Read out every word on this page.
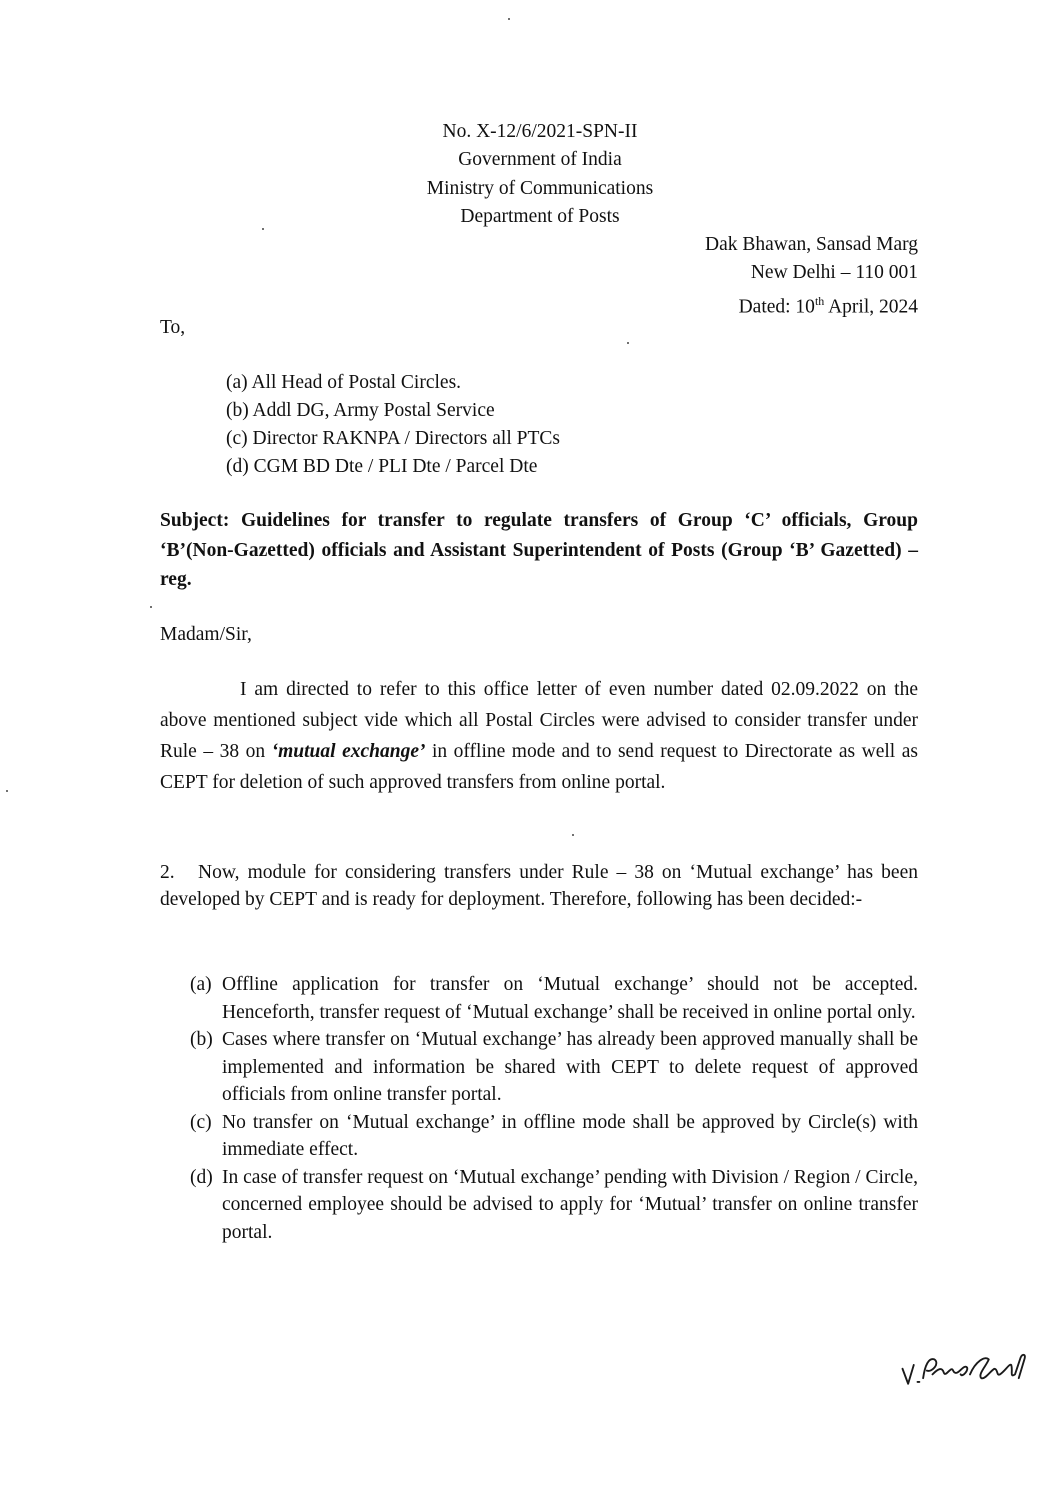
No. X-12/6/2021-SPN-II
Government of India
Ministry of Communications
Department of Posts
Dak Bhawan, Sansad Marg
New Delhi – 110 001
Dated: 10th April, 2024
To,
(a) All Head of Postal Circles.
(b) Addl DG, Army Postal Service
(c) Director RAKNPA / Directors all PTCs
(d) CGM BD Dte / PLI Dte / Parcel Dte
Subject: Guidelines for transfer to regulate transfers of Group ‘C’ officials, Group ‘B’(Non-Gazetted) officials and Assistant Superintendent of Posts (Group ‘B’ Gazetted) – reg.
Madam/Sir,
I am directed to refer to this office letter of even number dated 02.09.2022 on the above mentioned subject vide which all Postal Circles were advised to consider transfer under Rule – 38 on ‘mutual exchange’ in offline mode and to send request to Directorate as well as CEPT for deletion of such approved transfers from online portal.
2. Now, module for considering transfers under Rule – 38 on ‘Mutual exchange’ has been developed by CEPT and is ready for deployment. Therefore, following has been decided:-
(a) Offline application for transfer on ‘Mutual exchange’ should not be accepted. Henceforth, transfer request of ‘Mutual exchange’ shall be received in online portal only.
(b) Cases where transfer on ‘Mutual exchange’ has already been approved manually shall be implemented and information be shared with CEPT to delete request of approved officials from online transfer portal.
(c) No transfer on ‘Mutual exchange’ in offline mode shall be approved by Circle(s) with immediate effect.
(d) In case of transfer request on ‘Mutual exchange’ pending with Division / Region / Circle, concerned employee should be advised to apply for ‘Mutual’ transfer on online transfer portal.
